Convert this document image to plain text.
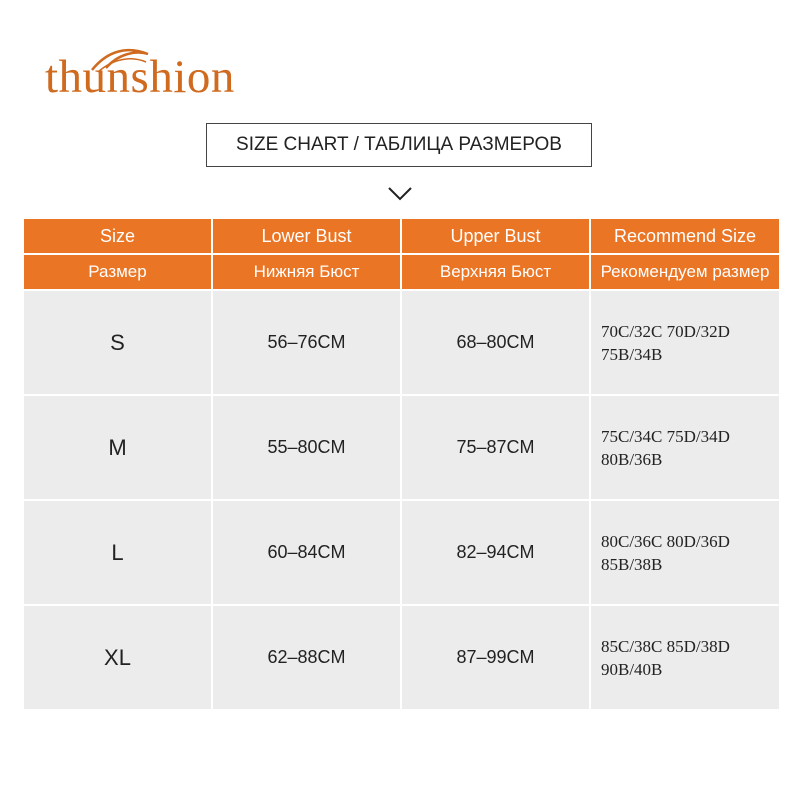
thunshion
SIZE CHART / ТАБЛИЦА РАЗМЕРОВ
Size	Lower Bust	Upper Bust	Recommend Size
Размер	Нижняя Бюст	Верхняя Бюст	Рекомендуем размер
S	56–76CM	68–80CM	70C/32C 70D/32D
75B/34B
M	55–80CM	75–87CM	75C/34C 75D/34D
80B/36B
L	60–84CM	82–94CM	80C/36C 80D/36D
85B/38B
XL	62–88CM	87–99CM	85C/38C 85D/38D
90B/40B
